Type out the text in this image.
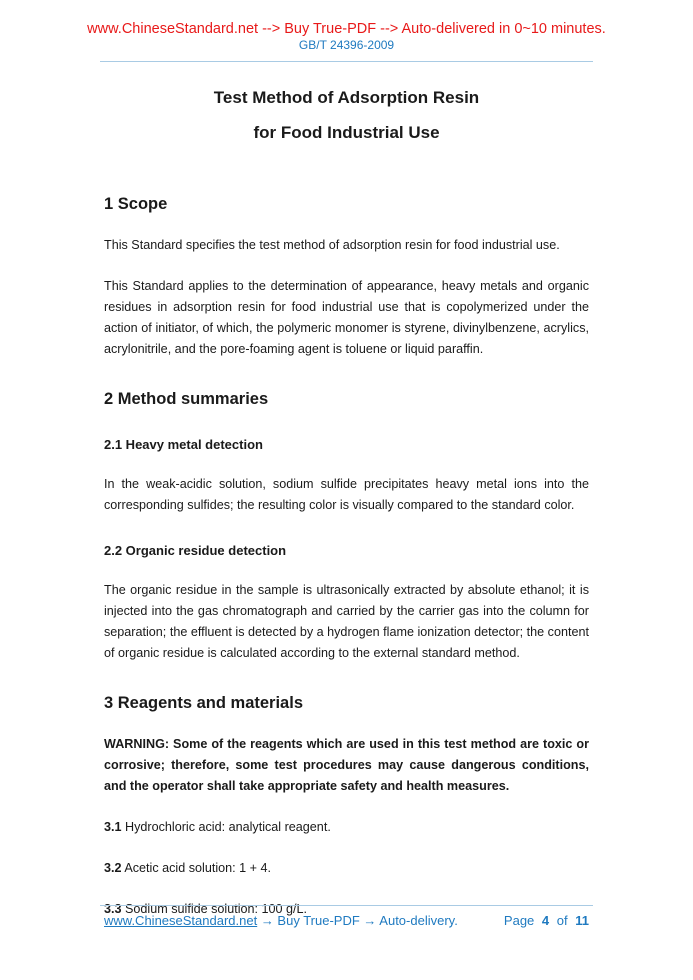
www.ChineseStandard.net --> Buy True-PDF --> Auto-delivered in 0~10 minutes.
GB/T 24396-2009
Test Method of Adsorption Resin
for Food Industrial Use
1 Scope

This Standard specifies the test method of adsorption resin for food industrial use.

This Standard applies to the determination of appearance, heavy metals and organic residues in adsorption resin for food industrial use that is copolymerized under the action of initiator, of which, the polymeric monomer is styrene, divinylbenzene, acrylics, acrylonitrile, and the pore-foaming agent is toluene or liquid paraffin.

2 Method summaries
2.1 Heavy metal detection

In the weak-acidic solution, sodium sulfide precipitates heavy metal ions into the corresponding sulfides; the resulting color is visually compared to the standard color.

2.2 Organic residue detection

The organic residue in the sample is ultrasonically extracted by absolute ethanol; it is injected into the gas chromatograph and carried by the carrier gas into the column for separation; the effluent is detected by a hydrogen flame ionization detector; the content of organic residue is calculated according to the external standard method.

3 Reagents and materials

WARNING: Some of the reagents which are used in this test method are toxic or corrosive; therefore, some test procedures may cause dangerous conditions, and the operator shall take appropriate safety and health measures.

3.1 Hydrochloric acid: analytical reagent.

3.2 Acetic acid solution: 1 + 4.

3.3 Sodium sulfide solution: 100 g/L.

www.ChineseStandard.net → Buy True-PDF → Auto-delivery.	Page 4 of 11
